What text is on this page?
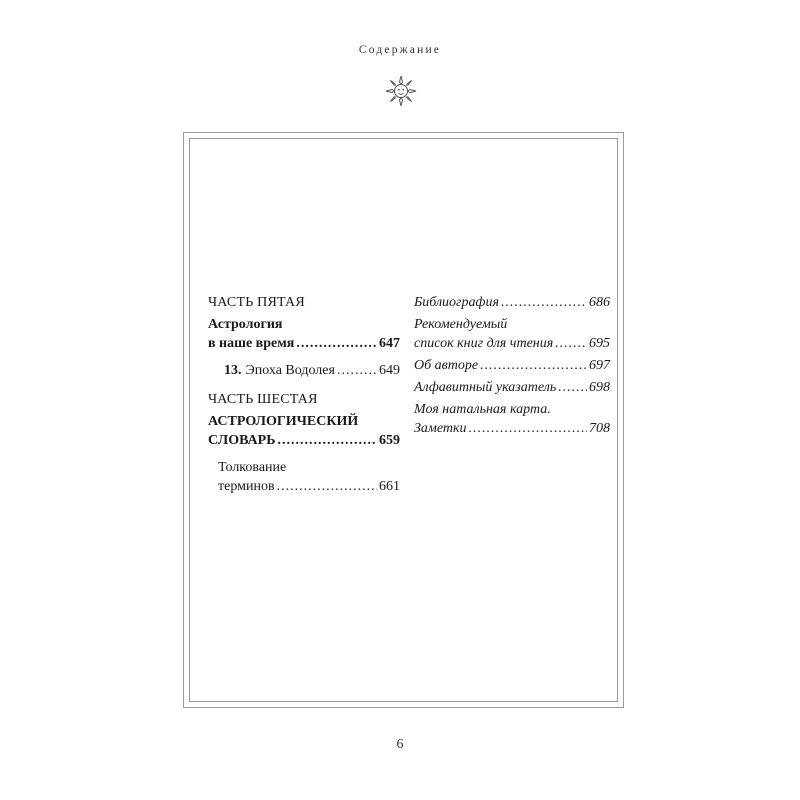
Содержание
ЧАСТЬ ПЯТАЯ
Астрология
в наше время .....	647
13. Эпоха Водолея .....	649
ЧАСТЬ ШЕСТАЯ
АСТРОЛОГИЧЕСКИЙ
СЛОВАРЬ .....	659
Толкование
терминов .....	661
Библиография .....	686
Рекомендуемый
список книг для чтения .....	695
Об авторе .....	697
Алфавитный указатель ..... 698
Моя натальная карта.
Заметки .....	708
6
